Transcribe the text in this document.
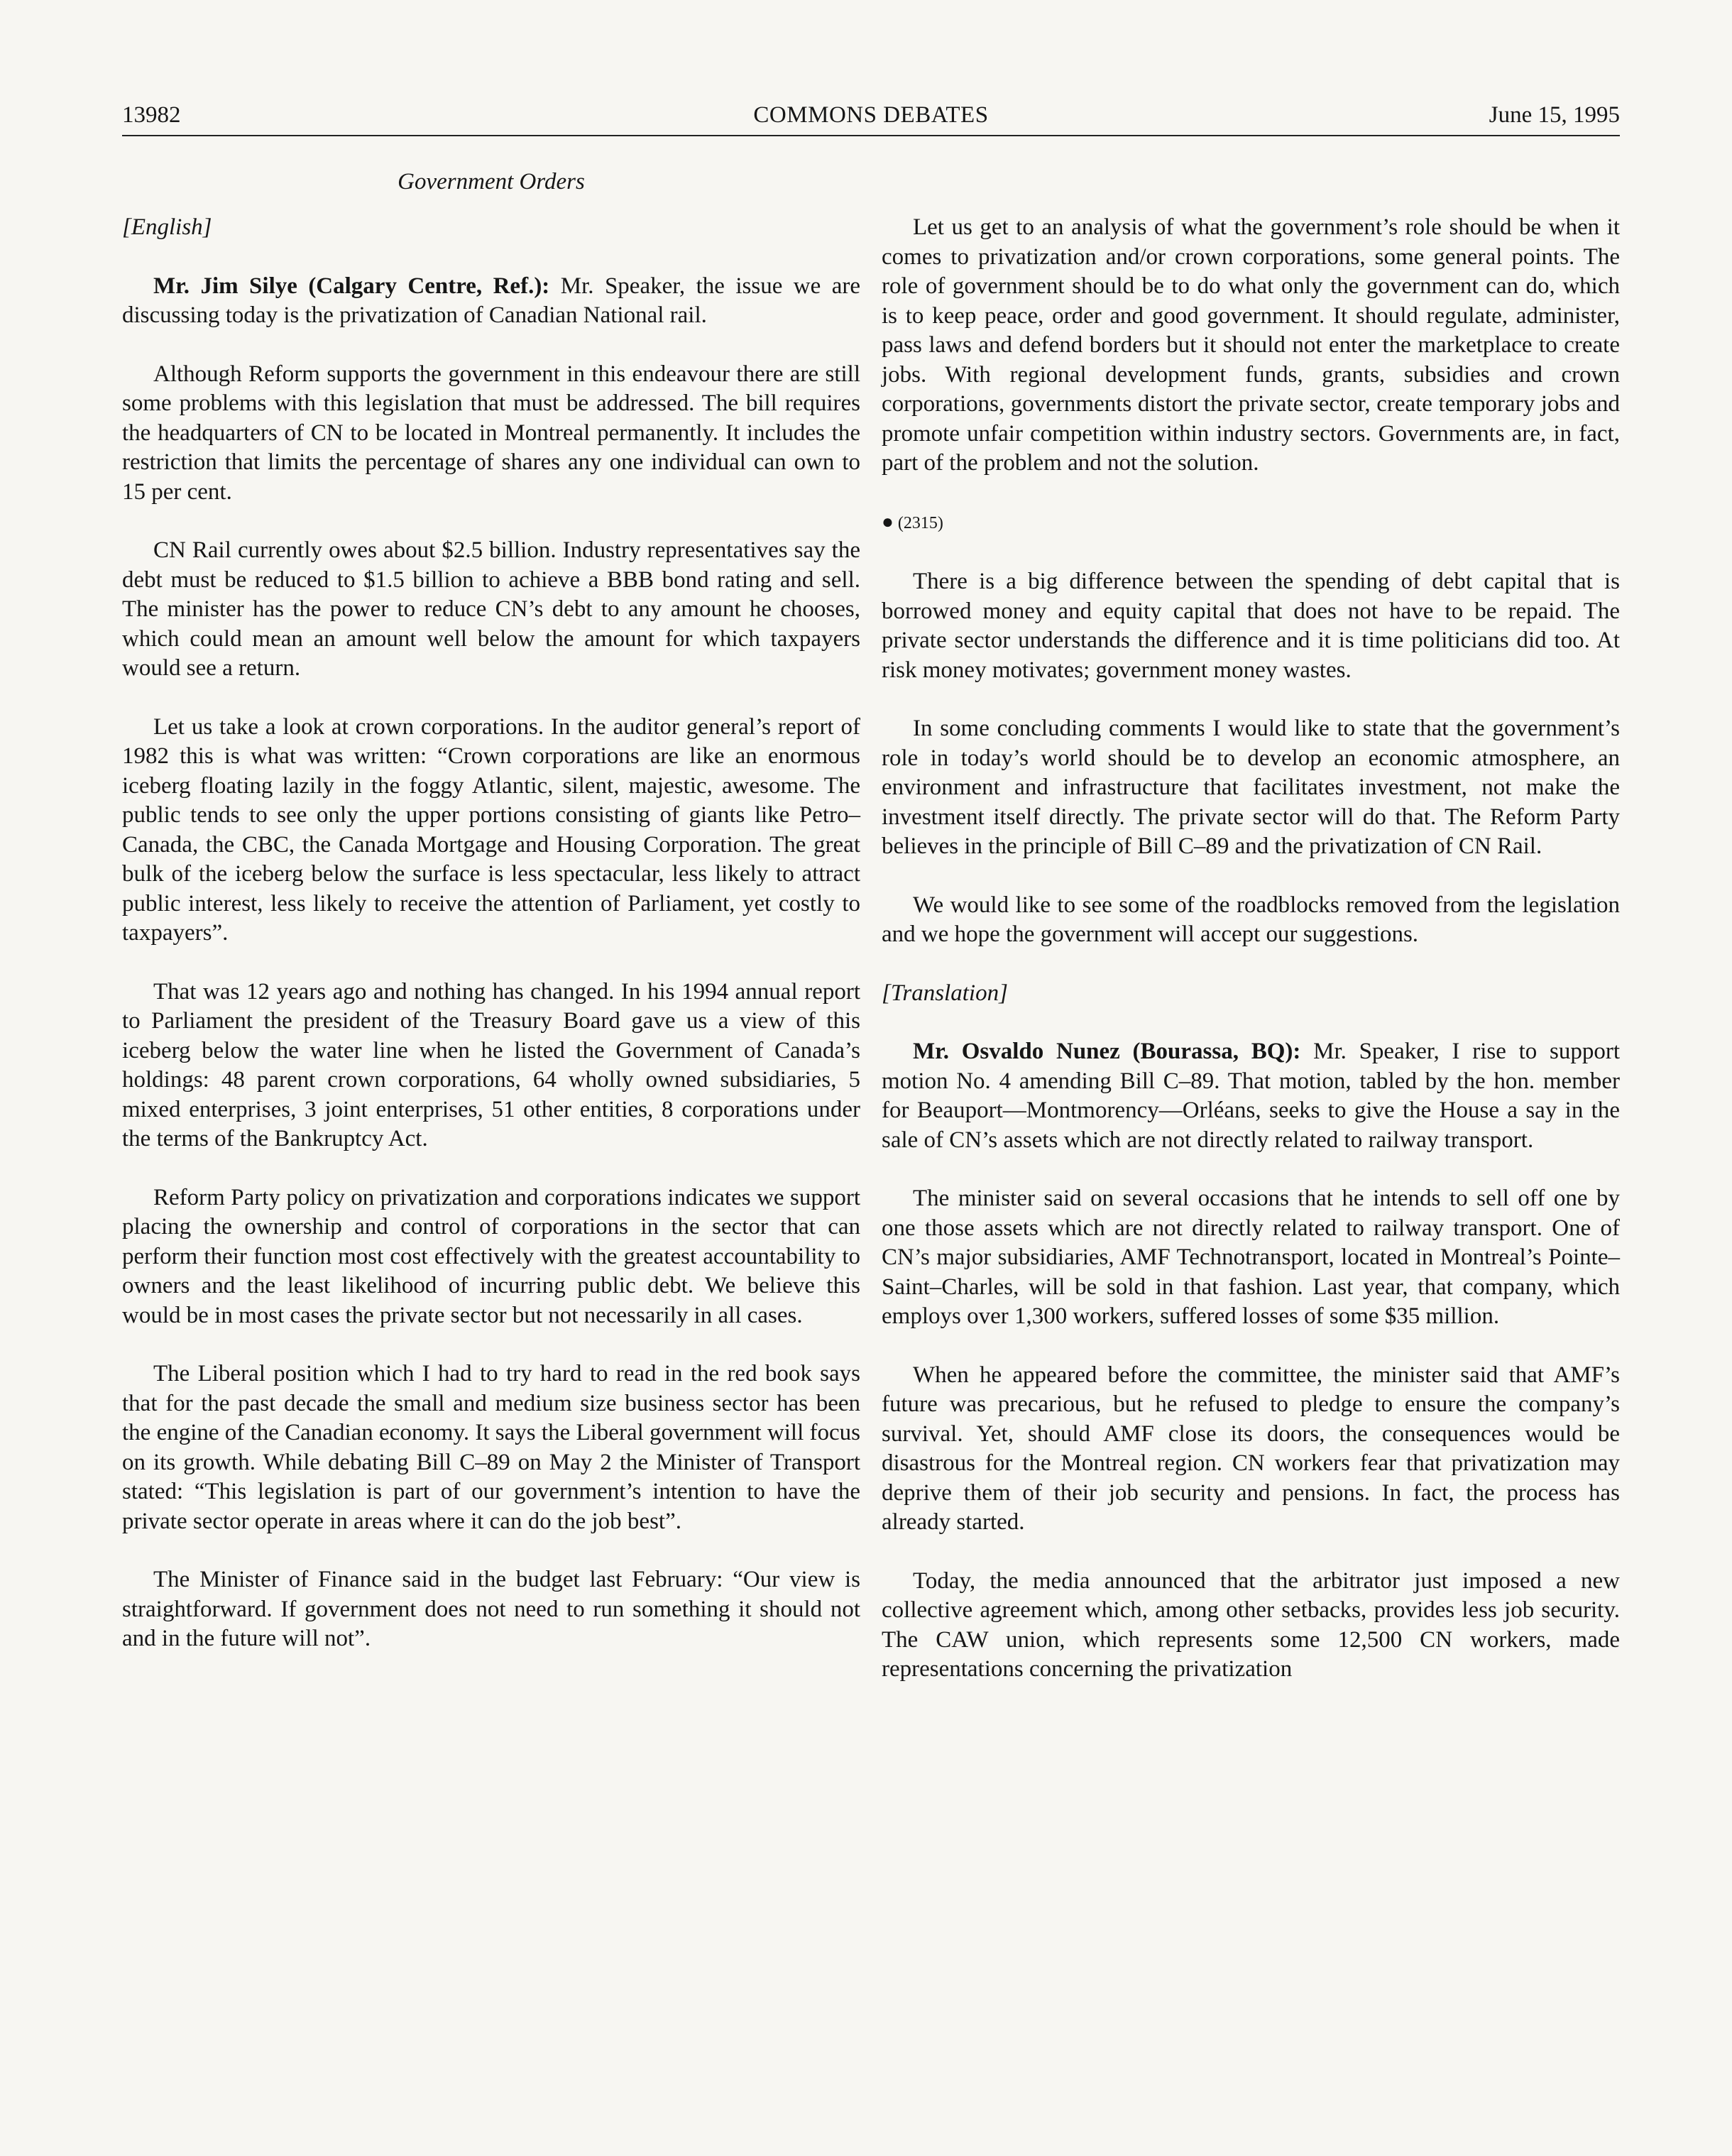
13982	COMMONS DEBATES	June 15, 1995
Government Orders

[English]

Mr. Jim Silye (Calgary Centre, Ref.): Mr. Speaker, the issue we are discussing today is the privatization of Canadian National rail.

Although Reform supports the government in this endeavour there are still some problems with this legislation that must be addressed. The bill requires the headquarters of CN to be located in Montreal permanently. It includes the restriction that limits the percentage of shares any one individual can own to 15 per cent.

CN Rail currently owes about $2.5 billion. Industry representatives say the debt must be reduced to $1.5 billion to achieve a BBB bond rating and sell. The minister has the power to reduce CN’s debt to any amount he chooses, which could mean an amount well below the amount for which taxpayers would see a return.

Let us take a look at crown corporations. In the auditor general’s report of 1982 this is what was written: “Crown corporations are like an enormous iceberg floating lazily in the foggy Atlantic, silent, majestic, awesome. The public tends to see only the upper portions consisting of giants like Petro–Canada, the CBC, the Canada Mortgage and Housing Corporation. The great bulk of the iceberg below the surface is less spectacular, less likely to attract public interest, less likely to receive the attention of Parliament, yet costly to taxpayers”.

That was 12 years ago and nothing has changed. In his 1994 annual report to Parliament the president of the Treasury Board gave us a view of this iceberg below the water line when he listed the Government of Canada’s holdings: 48 parent crown corporations, 64 wholly owned subsidiaries, 5 mixed enterprises, 3 joint enterprises, 51 other entities, 8 corporations under the terms of the Bankruptcy Act.

Reform Party policy on privatization and corporations indicates we support placing the ownership and control of corporations in the sector that can perform their function most cost effectively with the greatest accountability to owners and the least likelihood of incurring public debt. We believe this would be in most cases the private sector but not necessarily in all cases.

The Liberal position which I had to try hard to read in the red book says that for the past decade the small and medium size business sector has been the engine of the Canadian economy. It says the Liberal government will focus on its growth. While debating Bill C–89 on May 2 the Minister of Transport stated: “This legislation is part of our government’s intention to have the private sector operate in areas where it can do the job best”.

The Minister of Finance said in the budget last February: “Our view is straightforward. If government does not need to run something it should not and in the future will not”.

Let us get to an analysis of what the government’s role should be when it comes to privatization and/or crown corporations, some general points. The role of government should be to do what only the government can do, which is to keep peace, order and good government. It should regulate, administer, pass laws and defend borders but it should not enter the marketplace to create jobs. With regional development funds, grants, subsidies and crown corporations, governments distort the private sector, create temporary jobs and promote unfair competition within industry sectors. Governments are, in fact, part of the problem and not the solution.

● (2315)

There is a big difference between the spending of debt capital that is borrowed money and equity capital that does not have to be repaid. The private sector understands the difference and it is time politicians did too. At risk money motivates; government money wastes.

In some concluding comments I would like to state that the government’s role in today’s world should be to develop an economic atmosphere, an environment and infrastructure that facilitates investment, not make the investment itself directly. The private sector will do that. The Reform Party believes in the principle of Bill C–89 and the privatization of CN Rail.

We would like to see some of the roadblocks removed from the legislation and we hope the government will accept our suggestions.

[Translation]

Mr. Osvaldo Nunez (Bourassa, BQ): Mr. Speaker, I rise to support motion No. 4 amending Bill C–89. That motion, tabled by the hon. member for Beauport—Montmorency—Orléans, seeks to give the House a say in the sale of CN’s assets which are not directly related to railway transport.

The minister said on several occasions that he intends to sell off one by one those assets which are not directly related to railway transport. One of CN’s major subsidiaries, AMF Technotransport, located in Montreal’s Pointe–Saint–Charles, will be sold in that fashion. Last year, that company, which employs over 1,300 workers, suffered losses of some $35 million.

When he appeared before the committee, the minister said that AMF’s future was precarious, but he refused to pledge to ensure the company’s survival. Yet, should AMF close its doors, the consequences would be disastrous for the Montreal region. CN workers fear that privatization may deprive them of their job security and pensions. In fact, the process has already started.

Today, the media announced that the arbitrator just imposed a new collective agreement which, among other setbacks, provides less job security. The CAW union, which represents some 12,500 CN workers, made representations concerning the privatization
